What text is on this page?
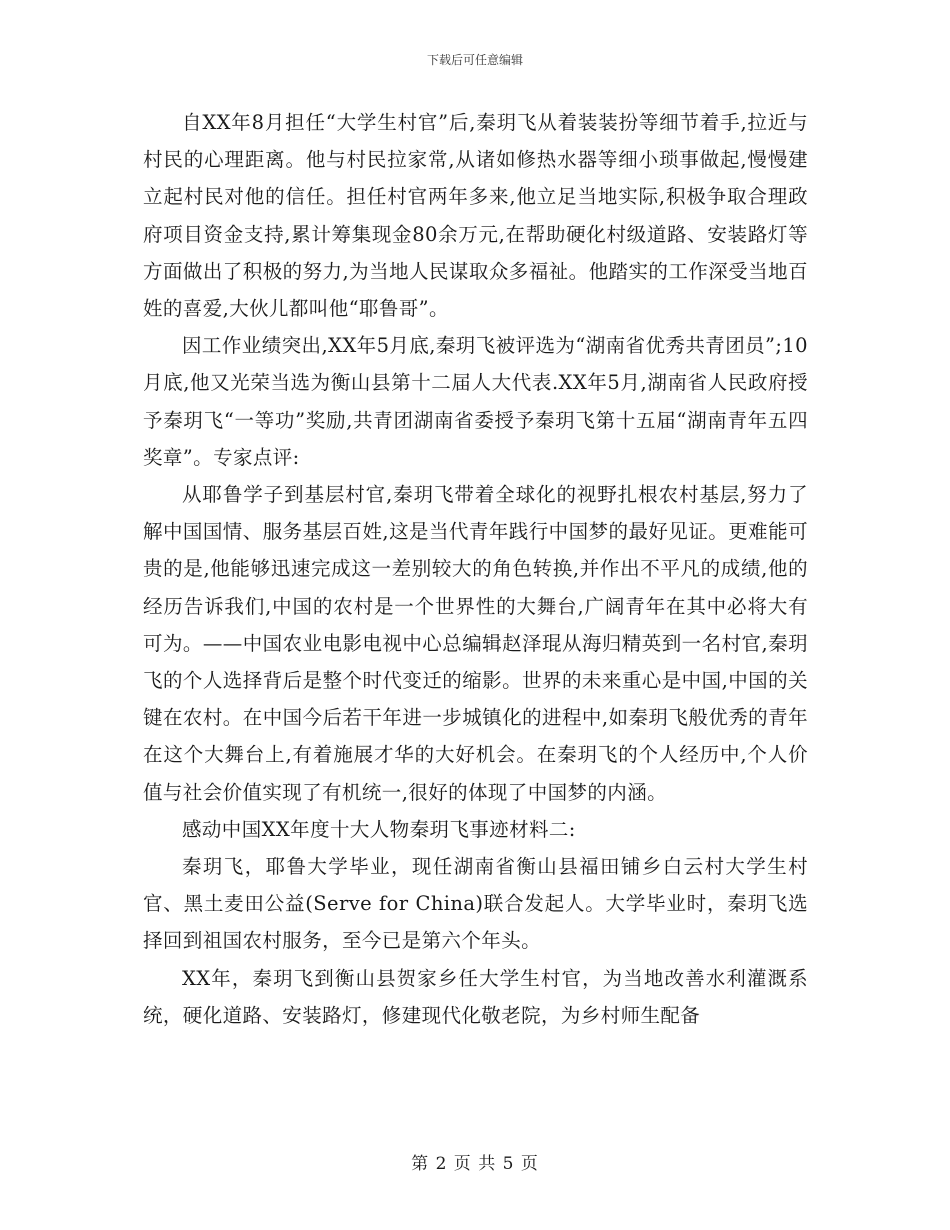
下载后可任意编辑

自XX年8月担任“大学生村官”后,秦玥飞从着装装扮等细节着手,拉近与村民的心理距离。他与村民拉家常,从诸如修热水器等细小琐事做起,慢慢建立起村民对他的信任。担任村官两年多来,他立足当地实际,积极争取合理政府项目资金支持,累计筹集现金80余万元,在帮助硬化村级道路、安装路灯等方面做出了积极的努力,为当地人民谋取众多福祉。他踏实的工作深受当地百姓的喜爱,大伙儿都叫他“耶鲁哥”。

因工作业绩突出,XX年5月底,秦玥飞被评选为“湖南省优秀共青团员”;10月底,他又光荣当选为衡山县第十二届人大代表.XX年5月,湖南省人民政府授予秦玥飞“一等功”奖励,共青团湖南省委授予秦玥飞第十五届“湖南青年五四奖章”。专家点评:

从耶鲁学子到基层村官,秦玥飞带着全球化的视野扎根农村基层,努力了解中国国情、服务基层百姓,这是当代青年践行中国梦的最好见证。更难能可贵的是,他能够迅速完成这一差别较大的角色转换,并作出不平凡的成绩,他的经历告诉我们,中国的农村是一个世界性的大舞台,广阔青年在其中必将大有可为。——中国农业电影电视中心总编辑赵泽琨从海归精英到一名村官,秦玥飞的个人选择背后是整个时代变迁的缩影。世界的未来重心是中国,中国的关键在农村。在中国今后若干年进一步城镇化的进程中,如秦玥飞般优秀的青年在这个大舞台上,有着施展才华的大好机会。在秦玥飞的个人经历中,个人价值与社会价值实现了有机统一,很好的体现了中国梦的内涵。

感动中国XX年度十大人物秦玥飞事迹材料二:

秦玥飞，耶鲁大学毕业，现任湖南省衡山县福田铺乡白云村大学生村官、黑土麦田公益(Serve for China)联合发起人。大学毕业时，秦玥飞选择回到祖国农村服务，至今已是第六个年头。

XX年，秦玥飞到衡山县贺家乡任大学生村官，为当地改善水利灌溉系统，硬化道路、安装路灯，修建现代化敬老院，为乡村师生配备

第 2 页 共 5 页
